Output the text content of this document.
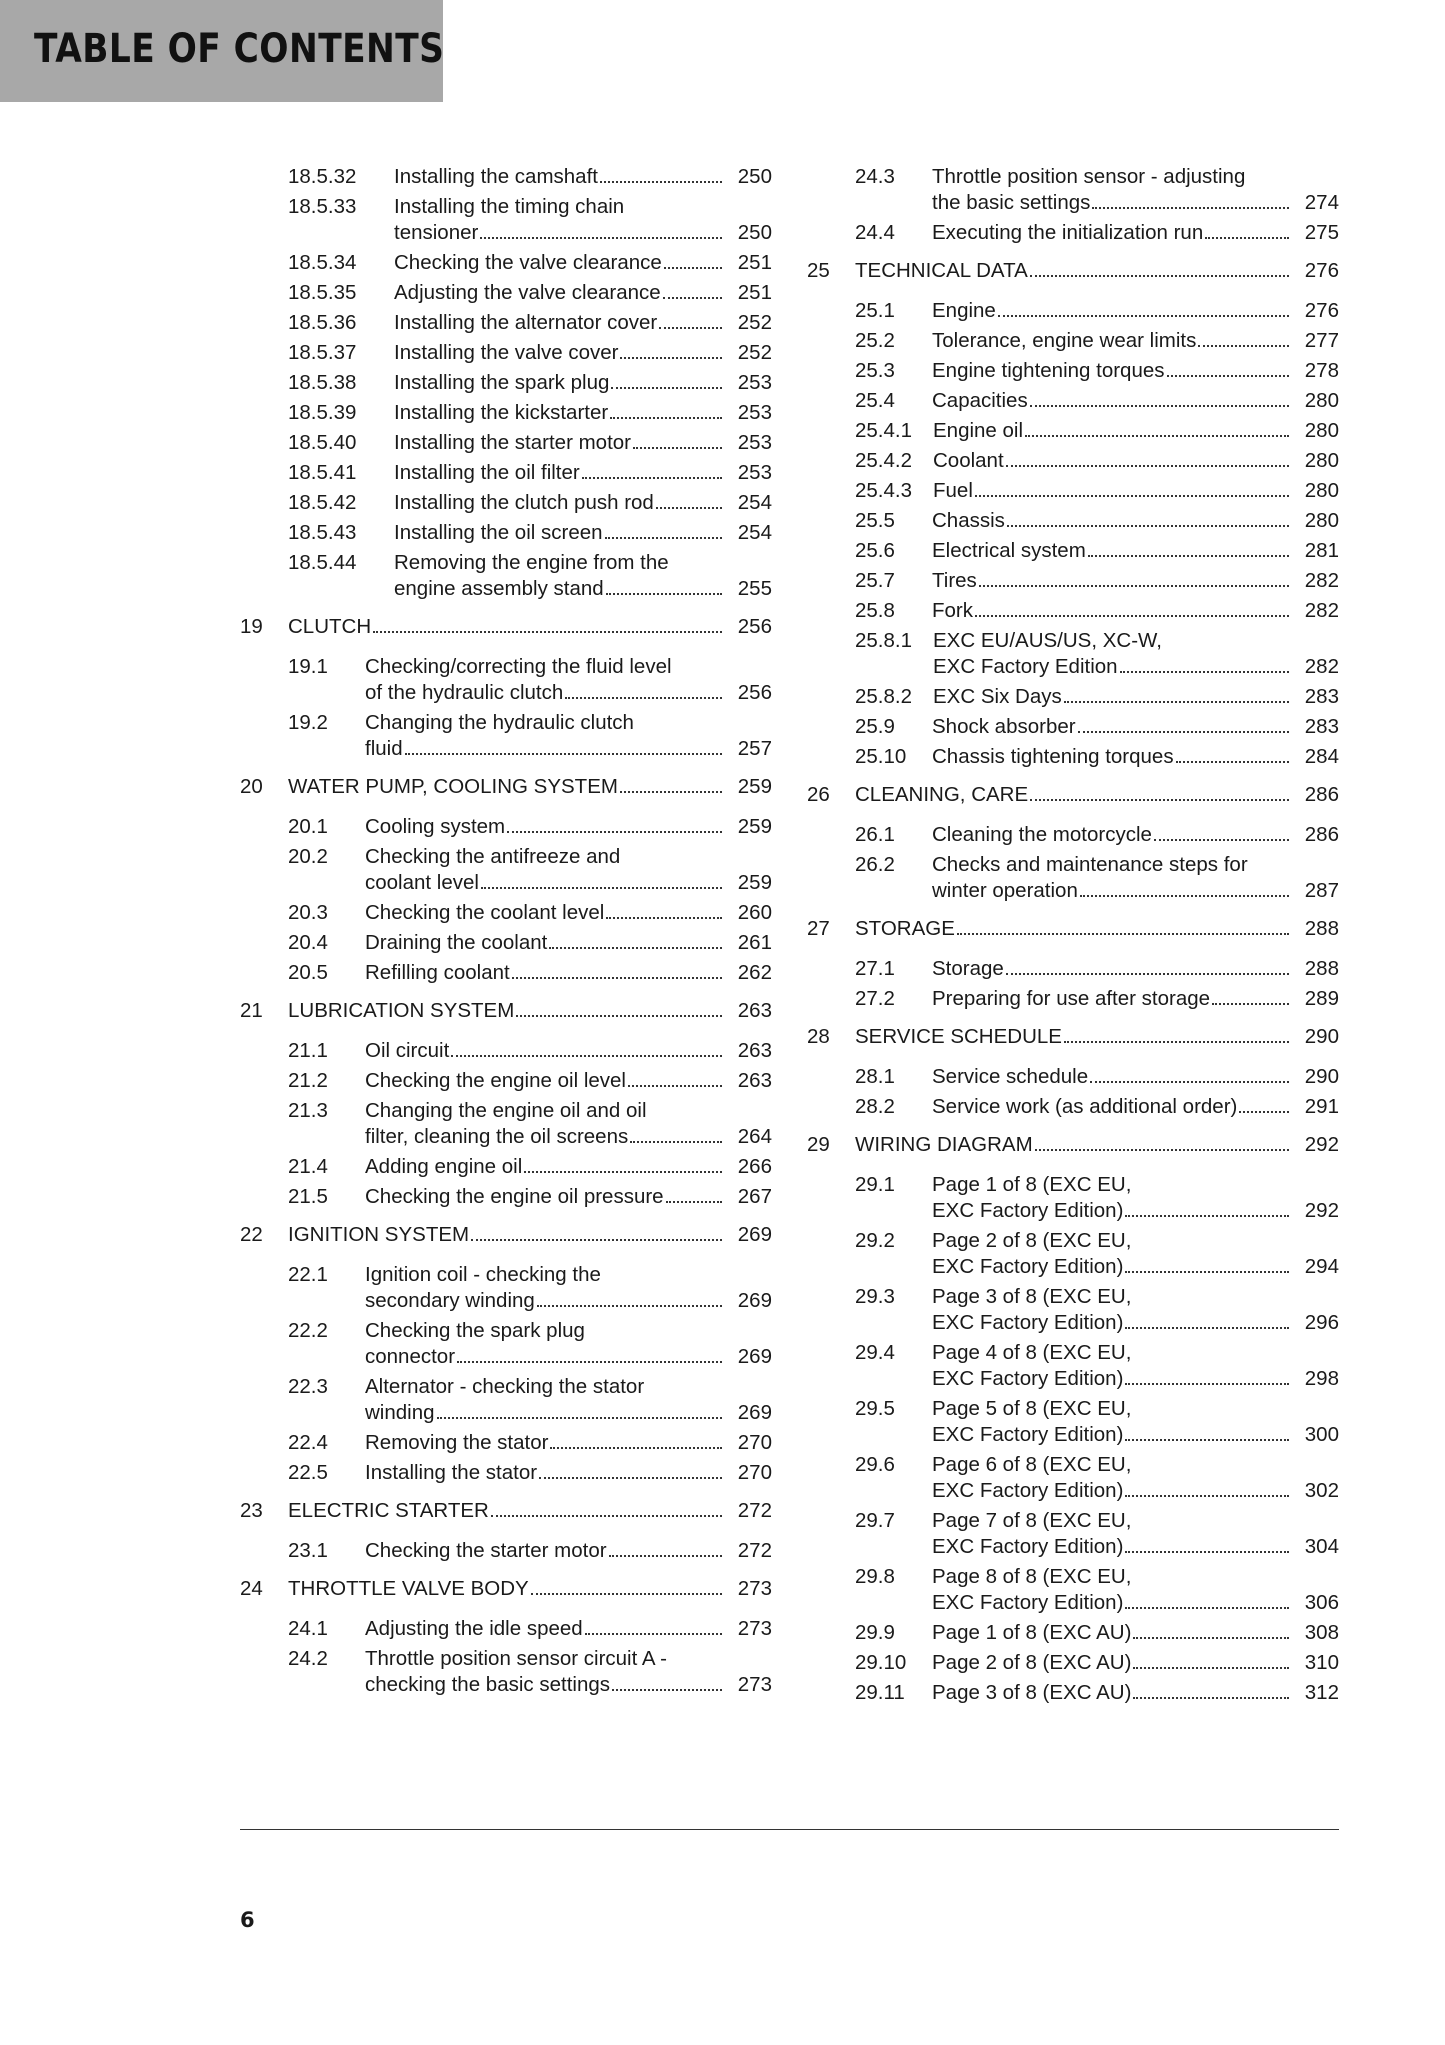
TABLE OF CONTENTS
18.5.32	Installing the camshaft	250
18.5.33	Installing the timing chain
tensioner	250
18.5.34	Checking the valve clearance	251
18.5.35	Adjusting the valve clearance	251
18.5.36	Installing the alternator cover	252
18.5.37	Installing the valve cover	252
18.5.38	Installing the spark plug	253
18.5.39	Installing the kickstarter	253
18.5.40	Installing the starter motor	253
18.5.41	Installing the oil filter	253
18.5.42	Installing the clutch push rod	254
18.5.43	Installing the oil screen	254
18.5.44	Removing the engine from the
engine assembly stand	255
19	CLUTCH	256
19.1	Checking/correcting the fluid level
of the hydraulic clutch	256
19.2	Changing the hydraulic clutch
fluid	257
20	WATER PUMP, COOLING SYSTEM	259
20.1	Cooling system	259
20.2	Checking the antifreeze and
coolant level	259
20.3	Checking the coolant level	260
20.4	Draining the coolant	261
20.5	Refilling coolant	262
21	LUBRICATION SYSTEM	263
21.1	Oil circuit	263
21.2	Checking the engine oil level	263
21.3	Changing the engine oil and oil
filter, cleaning the oil screens	264
21.4	Adding engine oil	266
21.5	Checking the engine oil pressure	267
22	IGNITION SYSTEM	269
22.1	Ignition coil - checking the
secondary winding	269
22.2	Checking the spark plug
connector	269
22.3	Alternator - checking the stator
winding	269
22.4	Removing the stator	270
22.5	Installing the stator	270
23	ELECTRIC STARTER	272
23.1	Checking the starter motor	272
24	THROTTLE VALVE BODY	273
24.1	Adjusting the idle speed	273
24.2	Throttle position sensor circuit A -
checking the basic settings	273
24.3	Throttle position sensor - adjusting
the basic settings	274
24.4	Executing the initialization run	275
25	TECHNICAL DATA	276
25.1	Engine	276
25.2	Tolerance, engine wear limits	277
25.3	Engine tightening torques	278
25.4	Capacities	280
25.4.1	Engine oil	280
25.4.2	Coolant	280
25.4.3	Fuel	280
25.5	Chassis	280
25.6	Electrical system	281
25.7	Tires	282
25.8	Fork	282
25.8.1	EXC EU/AUS/US, XC-W,
EXC Factory Edition	282
25.8.2	EXC Six Days	283
25.9	Shock absorber	283
25.10	Chassis tightening torques	284
26	CLEANING, CARE	286
26.1	Cleaning the motorcycle	286
26.2	Checks and maintenance steps for
winter operation	287
27	STORAGE	288
27.1	Storage	288
27.2	Preparing for use after storage	289
28	SERVICE SCHEDULE	290
28.1	Service schedule	290
28.2	Service work (as additional order)	291
29	WIRING DIAGRAM	292
29.1	Page 1 of 8 (EXC EU,
EXC Factory Edition)	292
29.2	Page 2 of 8 (EXC EU,
EXC Factory Edition)	294
29.3	Page 3 of 8 (EXC EU,
EXC Factory Edition)	296
29.4	Page 4 of 8 (EXC EU,
EXC Factory Edition)	298
29.5	Page 5 of 8 (EXC EU,
EXC Factory Edition)	300
29.6	Page 6 of 8 (EXC EU,
EXC Factory Edition)	302
29.7	Page 7 of 8 (EXC EU,
EXC Factory Edition)	304
29.8	Page 8 of 8 (EXC EU,
EXC Factory Edition)	306
29.9	Page 1 of 8 (EXC AU)	308
29.10	Page 2 of 8 (EXC AU)	310
29.11	Page 3 of 8 (EXC AU)	312
6
